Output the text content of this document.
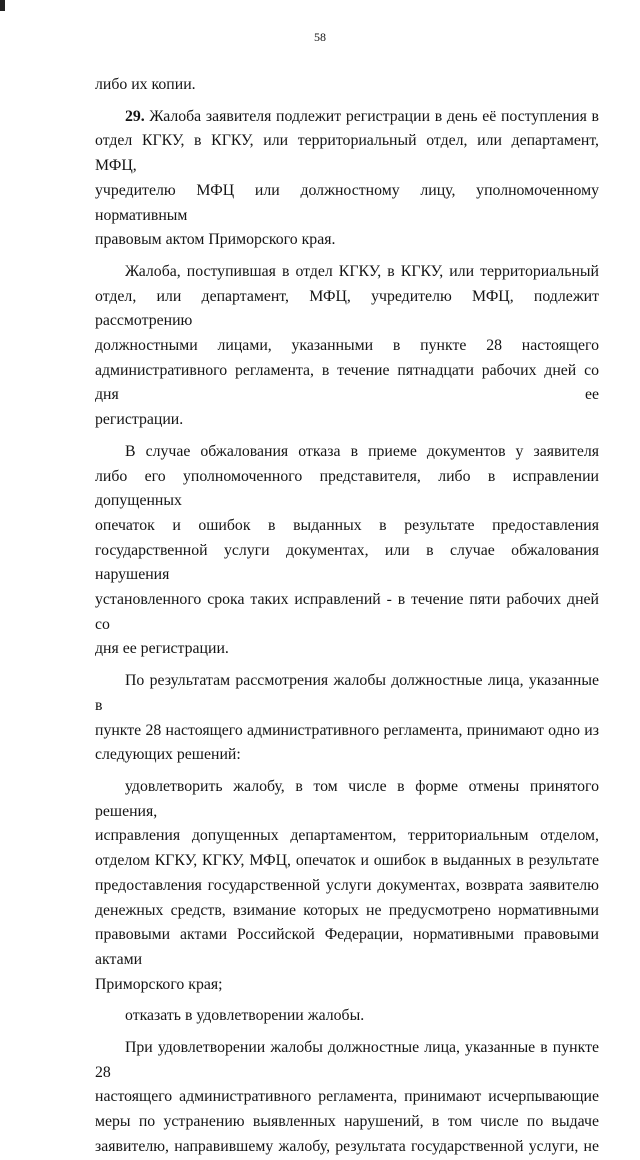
58

либо их копии.

29. Жалоба заявителя подлежит регистрации в день её поступления в

отдел КГКУ, в КГКУ, или территориальный отдел, или департамент, МФЦ,

учредителю МФЦ или должностному лицу, уполномоченному нормативным

правовым актом Приморского края.

Жалоба, поступившая в отдел КГКУ, в КГКУ, или территориальный

отдел, или департамент, МФЦ, учредителю МФЦ, подлежит рассмотрению

должностными лицами, указанными в пункте 28 настоящего

административного регламента, в течение пятнадцати рабочих дней со дня ее

регистрации.

В случае обжалования отказа в приеме документов у заявителя

либо его уполномоченного представителя, либо в исправлении допущенных

опечаток и ошибок в выданных в результате предоставления

государственной услуги документах, или в случае обжалования нарушения

установленного срока таких исправлений - в течение пяти рабочих дней со

дня ее регистрации.

По результатам рассмотрения жалобы должностные лица, указанные в

пункте 28 настоящего административного регламента, принимают одно из

следующих решений:

удовлетворить жалобу, в том числе в форме отмены принятого решения,

исправления допущенных департаментом, территориальным отделом,

отделом КГКУ, КГКУ, МФЦ, опечаток и ошибок в выданных в результате

предоставления государственной услуги документах, возврата заявителю

денежных средств, взимание которых не предусмотрено нормативными

правовыми актами Российской Федерации, нормативными правовыми актами

Приморского края;

отказать в удовлетворении жалобы.

При удовлетворении жалобы должностные лица, указанные в пункте 28

настоящего административного регламента, принимают исчерпывающие

меры по устранению выявленных нарушений, в том числе по выдаче

заявителю, направившему жалобу, результата государственной услуги, не
